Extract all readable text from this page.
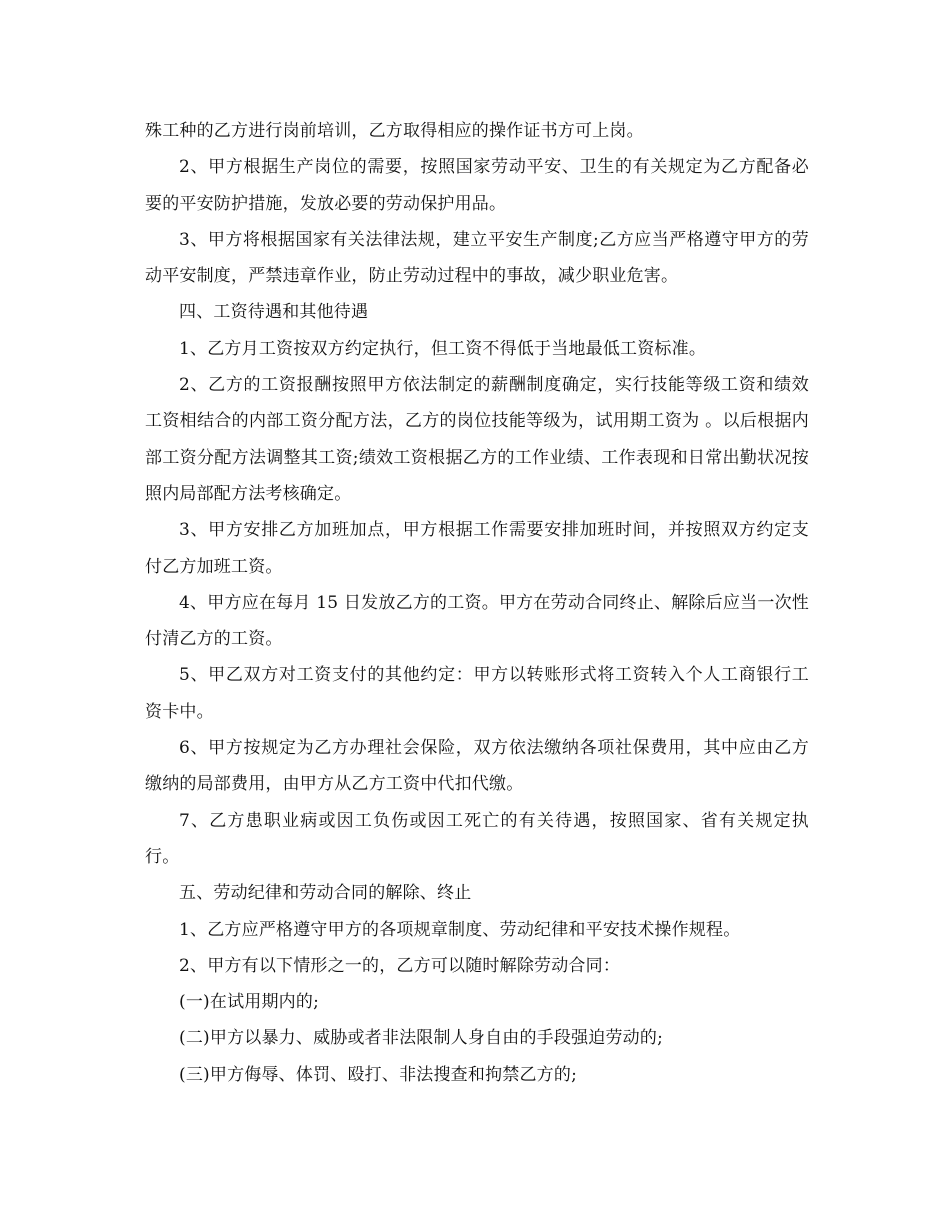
殊工种的乙方进行岗前培训，乙方取得相应的操作证书方可上岗。

2、甲方根据生产岗位的需要，按照国家劳动平安、卫生的有关规定为乙方配备必要的平安防护措施，发放必要的劳动保护用品。

3、甲方将根据国家有关法律法规，建立平安生产制度;乙方应当严格遵守甲方的劳动平安制度，严禁违章作业，防止劳动过程中的事故，减少职业危害。

四、工资待遇和其他待遇

1、乙方月工资按双方约定执行，但工资不得低于当地最低工资标准。

2、乙方的工资报酬按照甲方依法制定的薪酬制度确定，实行技能等级工资和绩效工资相结合的内部工资分配方法，乙方的岗位技能等级为，试用期工资为 。以后根据内部工资分配方法调整其工资;绩效工资根据乙方的工作业绩、工作表现和日常出勤状况按照内局部配方法考核确定。

3、甲方安排乙方加班加点，甲方根据工作需要安排加班时间，并按照双方约定支付乙方加班工资。

4、甲方应在每月 15 日发放乙方的工资。甲方在劳动合同终止、解除后应当一次性付清乙方的工资。

5、甲乙双方对工资支付的其他约定：甲方以转账形式将工资转入个人工商银行工资卡中。

6、甲方按规定为乙方办理社会保险，双方依法缴纳各项社保费用，其中应由乙方缴纳的局部费用，由甲方从乙方工资中代扣代缴。

7、乙方患职业病或因工负伤或因工死亡的有关待遇，按照国家、省有关规定执行。

五、劳动纪律和劳动合同的解除、终止

1、乙方应严格遵守甲方的各项规章制度、劳动纪律和平安技术操作规程。

2、甲方有以下情形之一的，乙方可以随时解除劳动合同：

(一)在试用期内的;

(二)甲方以暴力、威胁或者非法限制人身自由的手段强迫劳动的;

(三)甲方侮辱、体罚、殴打、非法搜查和拘禁乙方的;
